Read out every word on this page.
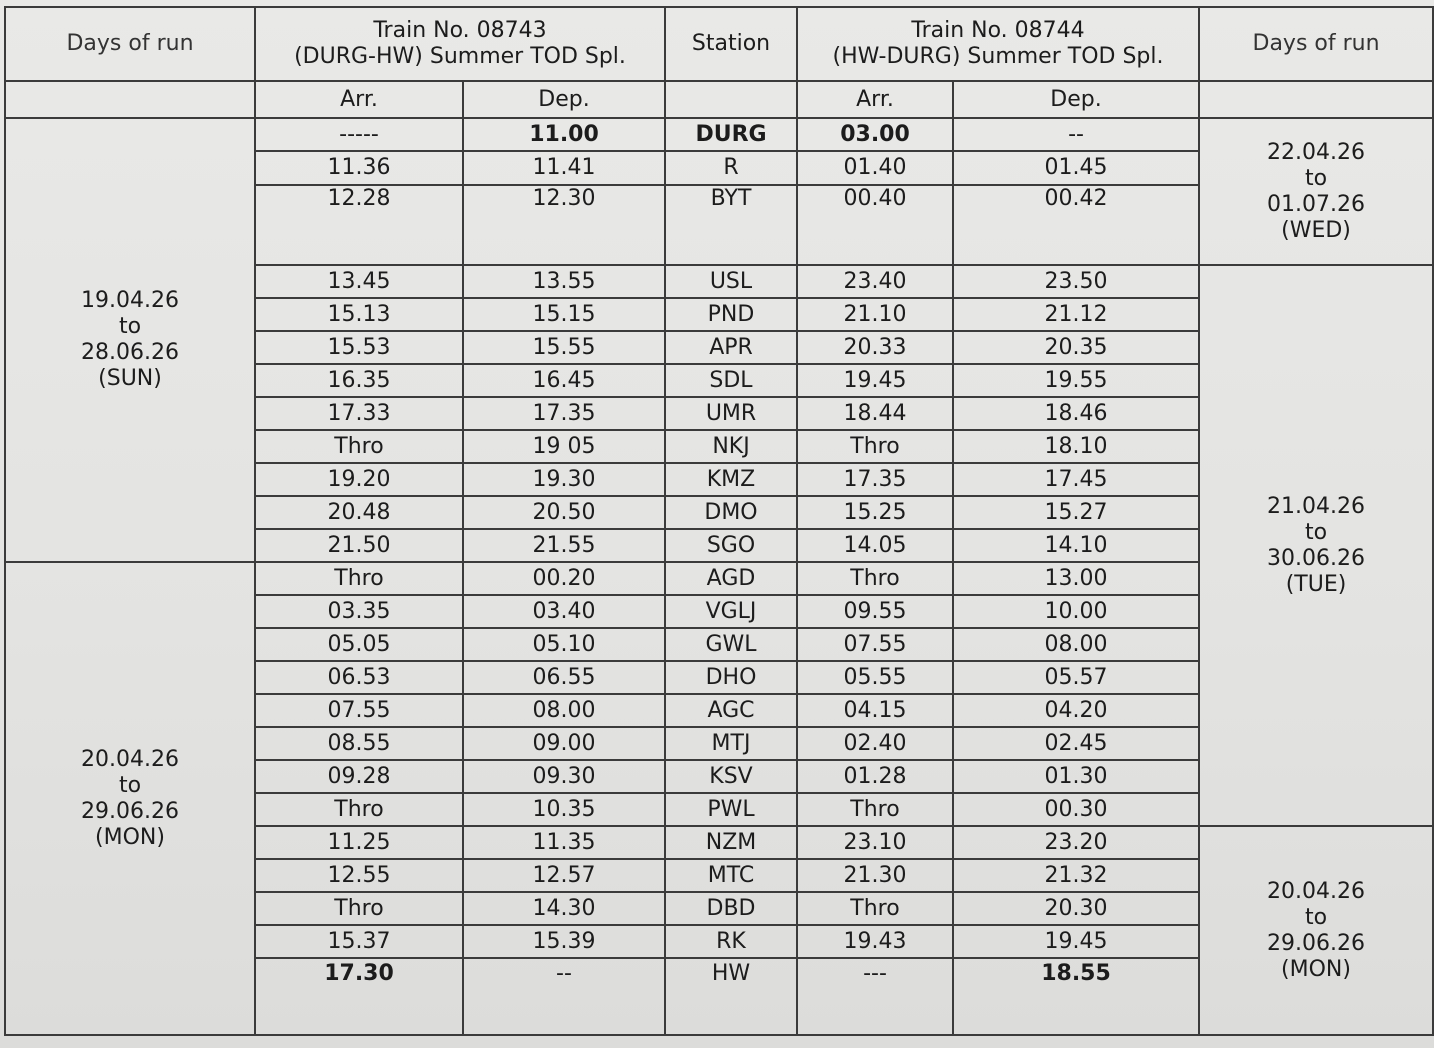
Days of run	Train No. 08743
(DURG-HW) Summer TOD Spl.		Station	Train No. 08744
(HW-DURG) Summer TOD Spl.		Days of run

	Arr.	Dep.		Arr.	Dep.	

19.04.26
to
28.06.26
(SUN)	-----	11.00	DURG	03.00	--	22.04.26
to
01.07.26
(WED)

	11.36	11.41	R	01.40	01.45	
	12.28	12.30	BYT	00.40	00.42	
	13.45	13.55	USL	23.40	23.50	21.04.26
to
30.06.26
(TUE)

	15.13	15.15	PND	21.10	21.12	
	15.53	15.55	APR	20.33	20.35	
	16.35	16.45	SDL	19.45	19.55	
	17.33	17.35	UMR	18.44	18.46	
	Thro	19 05	NKJ	Thro	18.10	
	19.20	19.30	KMZ	17.35	17.45	
	20.48	20.50	DMO	15.25	15.27	
	21.50	21.55	SGO	14.05	14.10	

20.04.26
to
29.06.26
(MON)	Thro	00.20	AGD	Thro	13.00	
	03.35	03.40	VGLJ	09.55	10.00	
	05.05	05.10	GWL	07.55	08.00	
	06.53	06.55	DHO	05.55	05.57	
	07.55	08.00	AGC	04.15	04.20	
	08.55	09.00	MTJ	02.40	02.45	
	09.28	09.30	KSV	01.28	01.30	
	Thro	10.35	PWL	Thro	00.30	
	11.25	11.35	NZM	23.10	23.20	20.04.26
to
29.06.26
(MON)

	12.55	12.57	MTC	21.30	21.32	
	Thro	14.30	DBD	Thro	20.30	
	15.37	15.39	RK	19.43	19.45	
	17.30	--	HW	---	18.55	
